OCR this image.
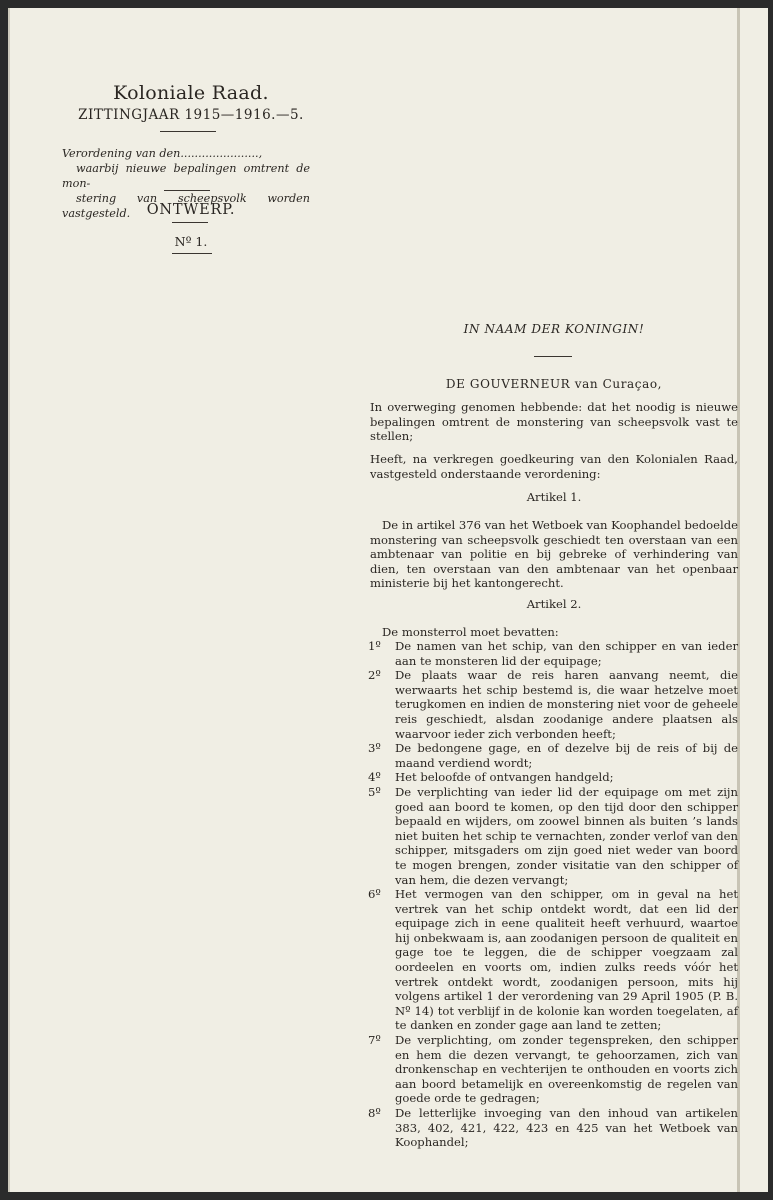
Koloniale Raad.
ZITTINGJAAR 1915—1916.—5.
Verordening van den......................,
waarbij nieuwe bepalingen omtrent de mon-
stering van scheepsvolk worden vastgesteld.	ONTWERP.
Nº 1.
IN NAAM DER KONINGIN!
DE GOUVERNEUR van Curaçao,
In overweging genomen hebbende: dat het noodig is nieuwe bepalingen omtrent de monstering van scheepsvolk vast te stellen;
Heeft, na verkregen goedkeuring van den Kolonialen Raad, vastgesteld onderstaande verordening:
Artikel 1.
De in artikel 376 van het Wetboek van Koophandel bedoelde monstering van scheepsvolk geschiedt ten overstaan van een ambtenaar van politie en bij gebreke of verhindering van dien, ten overstaan van den ambtenaar van het openbaar ministerie bij het kantongerecht.
Artikel 2.
De monsterrol moet bevatten:
1º De namen van het schip, van den schipper en van ieder aan te monsteren lid der equipage;
2º De plaats waar de reis haren aanvang neemt, die werwaarts het schip bestemd is, die waar hetzelve moet terugkomen en indien de monstering niet voor de geheele reis geschiedt, alsdan zoodanige andere plaatsen als waarvoor ieder zich verbonden heeft;
3º De bedongene gage, en of dezelve bij de reis of bij de maand verdiend wordt;
4º Het beloofde of ontvangen handgeld;
5º De verplichting van ieder lid der equipage om met zijn goed aan boord te komen, op den tijd door den schipper bepaald en wijders, om zoowel binnen als buiten ’s lands niet buiten het schip te vernachten, zonder verlof van den schipper, mitsgaders om zijn goed niet weder van boord te mogen brengen, zonder visitatie van den schipper of van hem, die dezen vervangt;
6º Het vermogen van den schipper, om in geval na het vertrek van het schip ontdekt wordt, dat een lid der equipage zich in eene qualiteit heeft verhuurd, waartoe hij onbekwaam is, aan zoodanigen persoon de qualiteit en gage toe te leggen, die de schipper voegzaam zal oordeelen en voorts om, indien zulks reeds vóór het vertrek ontdekt wordt, zoodanigen persoon, mits hij volgens artikel 1 der verordening van 29 April 1905 (P. B. Nº 14) tot verblijf in de kolonie kan worden toegelaten, af te danken en zonder gage aan land te zetten;
7º De verplichting, om zonder tegenspreken, den schipper en hem die dezen vervangt, te gehoorzamen, zich van dronkenschap en vechterijen te onthouden en voorts zich aan boord betamelijk en overeenkomstig de regelen van goede orde te gedragen;
8º De letterlijke invoeging van den inhoud van artikelen 383, 402, 421, 422, 423 en 425 van het Wetboek van Koophandel;
